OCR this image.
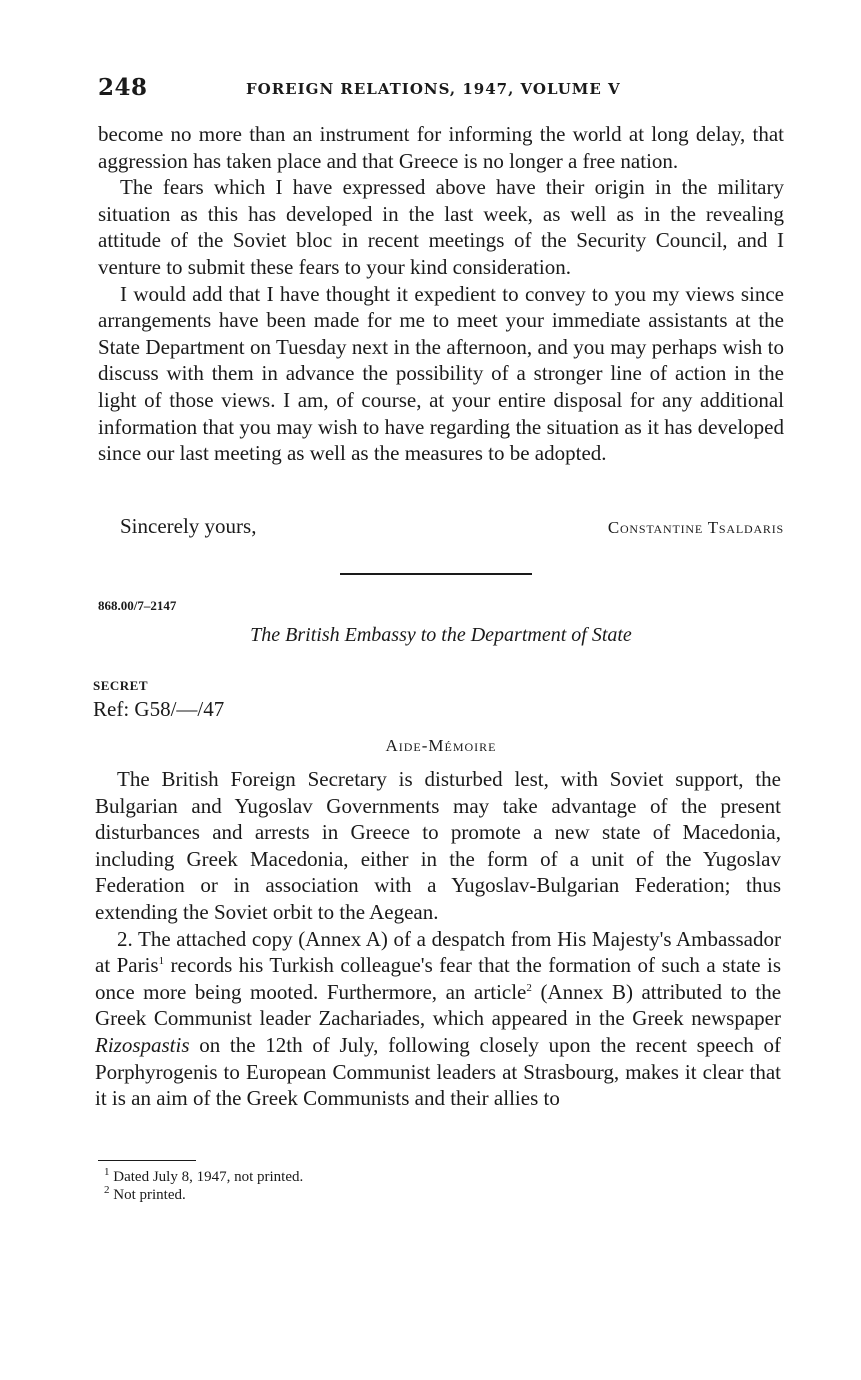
248	FOREIGN RELATIONS, 1947, VOLUME V

become no more than an instrument for informing the world at long delay, that aggression has taken place and that Greece is no longer a free nation.

The fears which I have expressed above have their origin in the military situation as this has developed in the last week, as well as in the revealing attitude of the Soviet bloc in recent meetings of the Security Council, and I venture to submit these fears to your kind consideration.

I would add that I have thought it expedient to convey to you my views since arrangements have been made for me to meet your immediate assistants at the State Department on Tuesday next in the afternoon, and you may perhaps wish to discuss with them in advance the possibility of a stronger line of action in the light of those views. I am, of course, at your entire disposal for any additional information that you may wish to have regarding the situation as it has developed since our last meeting as well as the measures to be adopted.

Sincerely yours,	Constantine Tsaldaris
868.00/7–2147
The British Embassy to the Department of State
SECRET
Ref: G58/—/47
Aide-Mémoire

The British Foreign Secretary is disturbed lest, with Soviet support, the Bulgarian and Yugoslav Governments may take advantage of the present disturbances and arrests in Greece to promote a new state of Macedonia, including Greek Macedonia, either in the form of a unit of the Yugoslav Federation or in association with a Yugoslav-Bulgarian Federation; thus extending the Soviet orbit to the Aegean.

2. The attached copy (Annex A) of a despatch from His Majesty's Ambassador at Paris$^1$ records his Turkish colleague's fear that the formation of such a state is once more being mooted. Furthermore, an article$^2$ (Annex B) attributed to the Greek Communist leader Zachariades, which appeared in the Greek newspaper Rizospastis on the 12th of July, following closely upon the recent speech of Porphyrogenis to European Communist leaders at Strasbourg, makes it clear that it is an aim of the Greek Communists and their allies to

$^1$ Dated July 8, 1947, not printed.
$^2$ Not printed.
